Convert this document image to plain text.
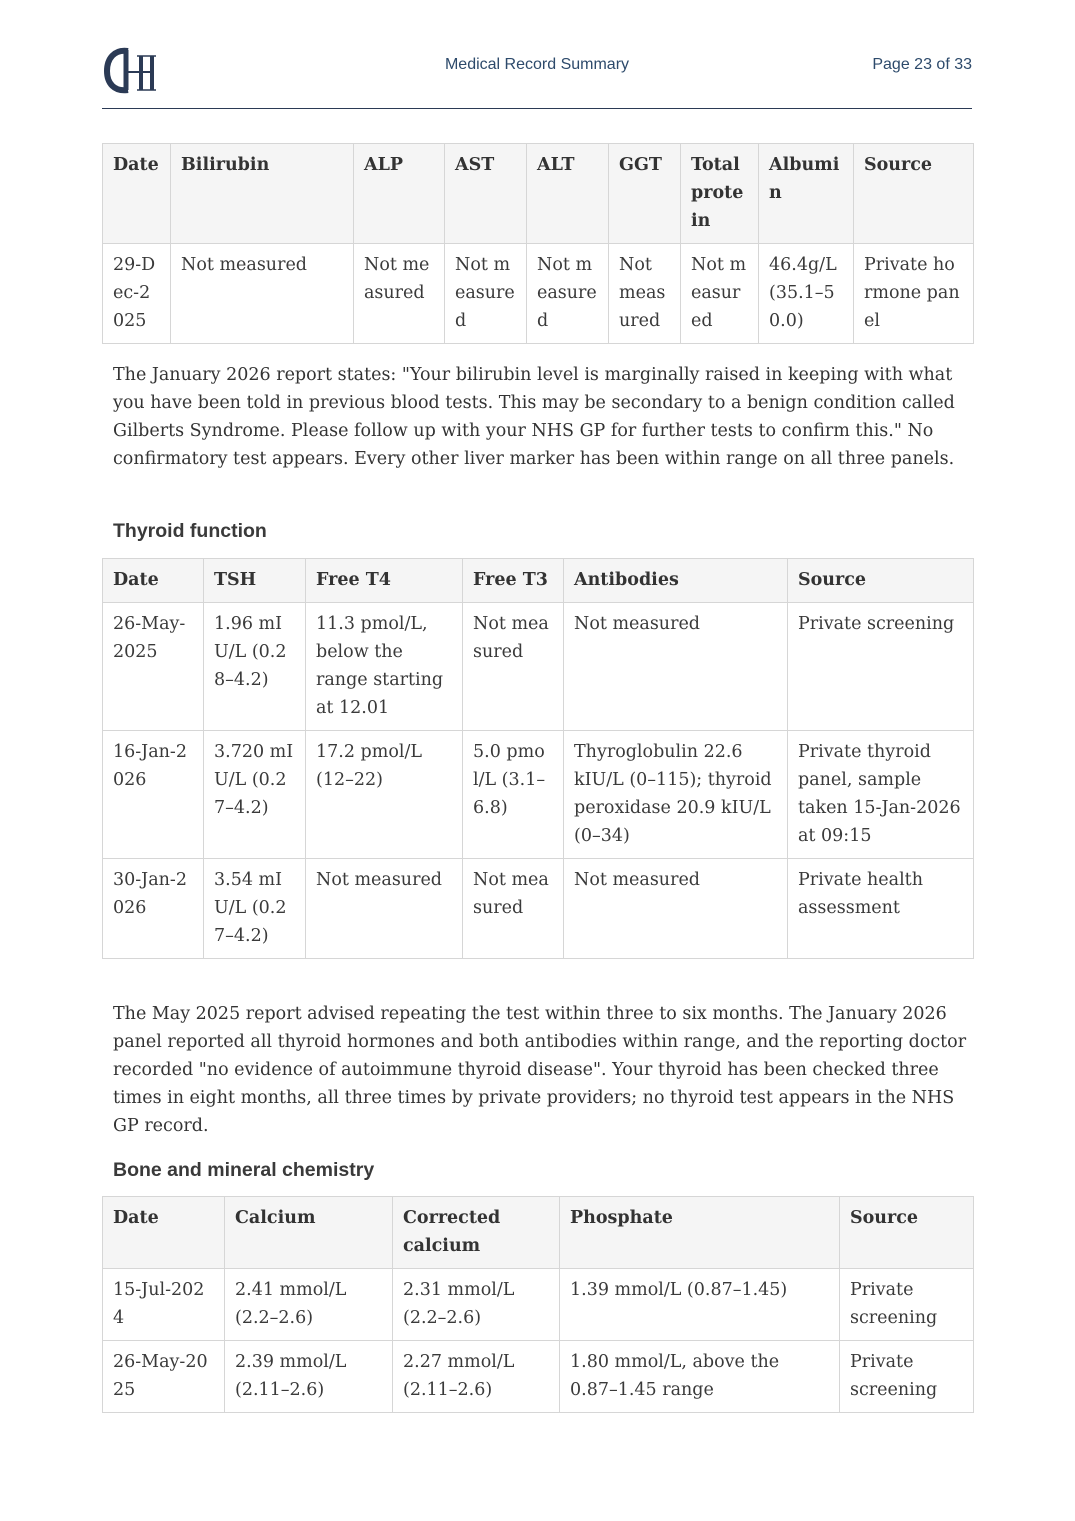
Medical Record Summary	Page 23 of 33
Date	Bilirubin	ALP	AST	ALT	GGT	Total protein	Albumin	Source
29-Dec-2025	Not measured	Not measured	Not measured	Not measured	Not measured	Not measured	46.4g/L (35.1–50.0)	Private hormone panel

The January 2026 report states: "Your bilirubin level is marginally raised in keeping with what you have been told in previous blood tests. This may be secondary to a benign condition called Gilberts Syndrome. Please follow up with your NHS GP for further tests to confirm this." No confirmatory test appears. Every other liver marker has been within range on all three panels.

Thyroid function
Date	TSH	Free T4	Free T3	Antibodies	Source
26-May-2025	1.96 mIU/L (0.28–4.2)	11.3 pmol/L, below the range starting at 12.01	Not measured	Not measured	Private screening
16-Jan-2026	3.720 mIU/L (0.27–4.2)	17.2 pmol/L (12–22)	5.0 pmol/L (3.1–6.8)	Thyroglobulin 22.6 kIU/L (0–115); thyroid peroxidase 20.9 kIU/L (0–34)	Private thyroid panel, sample taken 15-Jan-2026 at 09:15
30-Jan-2026	3.54 mIU/L (0.27–4.2)	Not measured	Not measured	Not measured	Private health assessment

The May 2025 report advised repeating the test within three to six months. The January 2026 panel reported all thyroid hormones and both antibodies within range, and the reporting doctor recorded "no evidence of autoimmune thyroid disease". Your thyroid has been checked three times in eight months, all three times by private providers; no thyroid test appears in the NHS GP record.

Bone and mineral chemistry
Date	Calcium	Corrected calcium	Phosphate	Source
15-Jul-2024	2.41 mmol/L (2.2–2.6)	2.31 mmol/L (2.2–2.6)	1.39 mmol/L (0.87–1.45)	Private screening
26-May-2025	2.39 mmol/L (2.11–2.6)	2.27 mmol/L (2.11–2.6)	1.80 mmol/L, above the 0.87–1.45 range	Private screening
